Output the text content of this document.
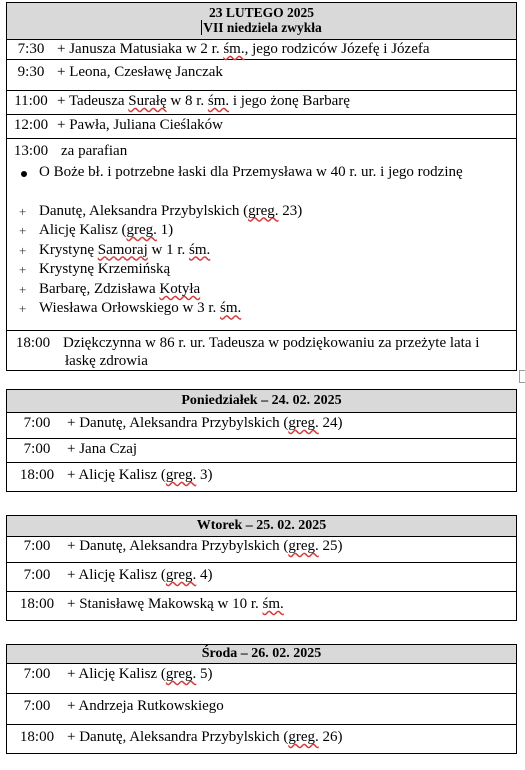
23 LUTEGO 2025
VII niedziela zwykła

7:30 + Janusza Matusiaka w 2 r. śm., jego rodziców Józefę i Józefa
9:30 + Leona, Czesławę Janczak
11:00 + Tadeusza Surałę w 8 r. śm. i jego żonę Barbarę
12:00 + Pawła, Juliana Cieślaków

13:00 za parafian
O Boże bł. i potrzebne łaski dla Przemysława w 40 r. ur. i jego rodzinę
+ Danutę, Aleksandra Przybylskich (greg. 23)
+ Alicję Kalisz (greg. 1)
+ Krystynę Samoraj w 1 r. śm.
+ Krystynę Krzemińską
+ Barbarę, Zdzisława Kotyła
+ Wiesława Orłowskiego w 3 r. śm.

18:00 Dziękczynna w 86 r. ur. Tadeusza w podziękowaniu za przeżyte lata i
łaskę zdrowia
Poniedziałek – 24. 02. 2025
7:00 + Danutę, Aleksandra Przybylskich (greg. 24)
7:00 + Jana Czaj
18:00 + Alicję Kalisz (greg. 3)
Wtorek – 25. 02. 2025
7:00 + Danutę, Aleksandra Przybylskich (greg. 25)
7:00 + Alicję Kalisz (greg. 4)
18:00 + Stanisławę Makowską w 10 r. śm.
Środa – 26. 02. 2025
7:00 + Alicję Kalisz (greg. 5)
7:00 + Andrzeja Rutkowskiego
18:00 + Danutę, Aleksandra Przybylskich (greg. 26)
